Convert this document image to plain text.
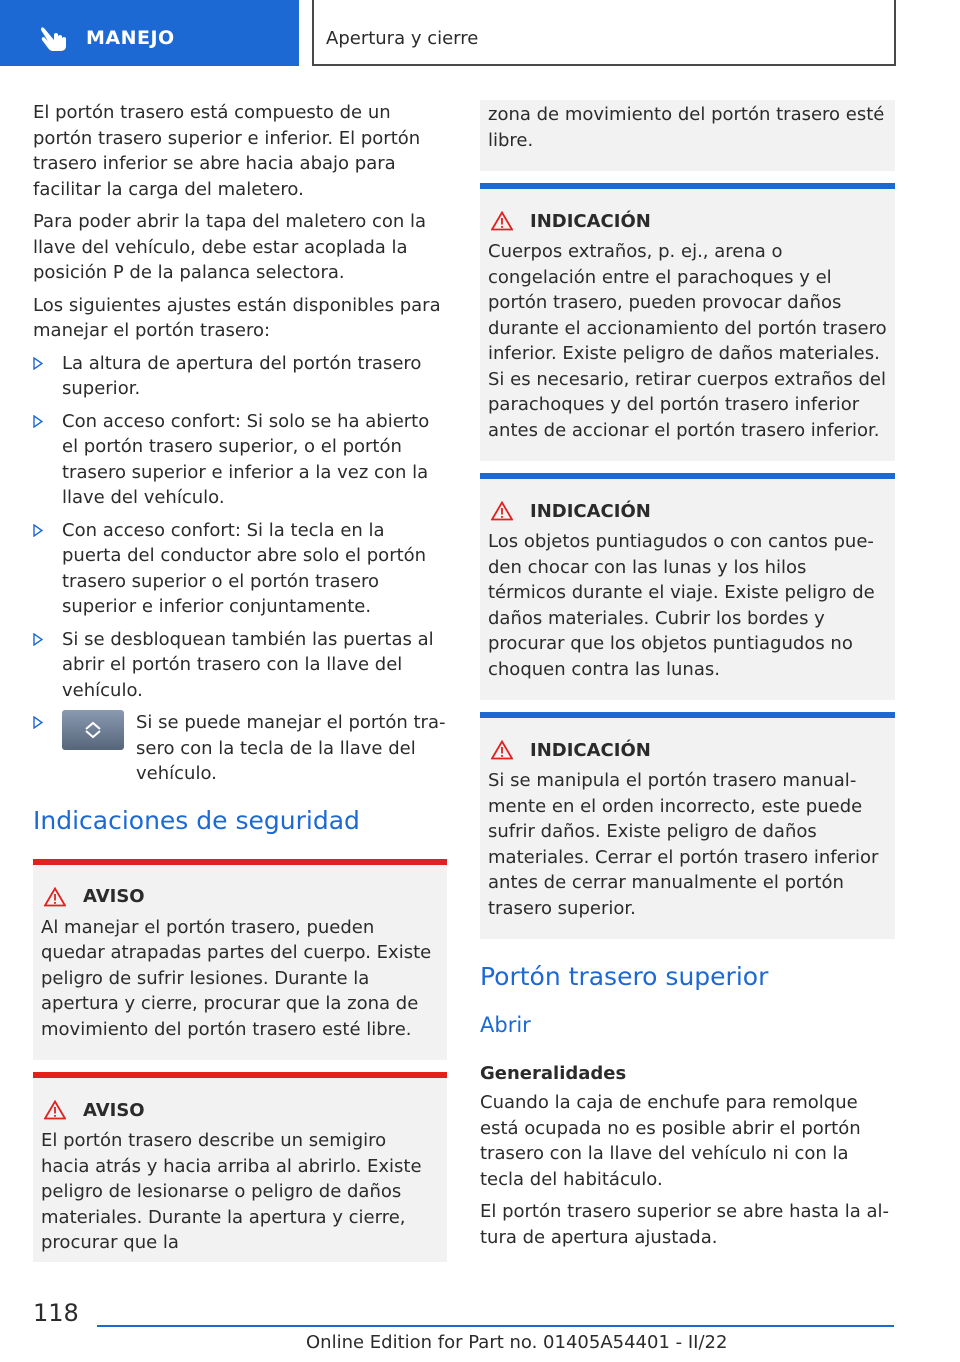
MANEJO	Apertura y cierre

El portón trasero está compuesto de un portón trasero superior e inferior. El portón trasero inferior se abre hacia abajo para facilitar la carga del maletero.

Para poder abrir la tapa del maletero con la llave del vehículo, debe estar acoplada la posición P de la palanca selectora.

Los siguientes ajustes están disponibles para manejar el portón trasero:

La altura de apertura del portón trasero superior.
Con acceso confort: Si solo se ha abierto el portón trasero superior, o el portón trasero superior e inferior a la vez con la llave del vehículo.
Con acceso confort: Si la tecla en la puerta del conductor abre solo el portón trasero superior o el portón trasero superior e inferior conjuntamente.
Si se desbloquean también las puertas al abrir el portón trasero con la llave del vehículo.
Si se puede manejar el portón trasero con la tecla de la llave del vehículo.
Indicaciones de seguridad
AVISO

Al manejar el portón trasero, pueden quedar atrapadas partes del cuerpo. Existe peligro de sufrir lesiones. Durante la apertura y cierre, procurar que la zona de movimiento del portón trasero esté libre.

AVISO

El portón trasero describe un semigiro hacia atrás y hacia arriba al abrirlo. Existe peligro de lesionarse o peligro de daños materiales. Durante la apertura y cierre, procurar que la

zona de movimiento del portón trasero esté libre.

INDICACIÓN

Cuerpos extraños, p. ej., arena o congelación entre el parachoques y el portón trasero, pueden provocar daños durante el accionamiento del portón trasero inferior. Existe peligro de daños materiales. Si es necesario, retirar cuerpos extraños del parachoques y del portón trasero inferior antes de accionar el portón trasero inferior.

INDICACIÓN

Los objetos puntiagudos o con cantos pueden chocar con las lunas y los hilos térmicos durante el viaje. Existe peligro de daños materiales. Cubrir los bordes y procurar que los objetos puntiagudos no choquen contra las lunas.

INDICACIÓN

Si se manipula el portón trasero manualmente en el orden incorrecto, este puede sufrir daños. Existe peligro de daños materiales. Cerrar el portón trasero inferior antes de cerrar manualmente el portón trasero superior.

Portón trasero superior
Abrir
Generalidades

Cuando la caja de enchufe para remolque está ocupada no es posible abrir el portón trasero con la llave del vehículo ni con la tecla del habitáculo.

El portón trasero superior se abre hasta la altura de apertura ajustada.

118
Online Edition for Part no. 01405A54401 - II/22
